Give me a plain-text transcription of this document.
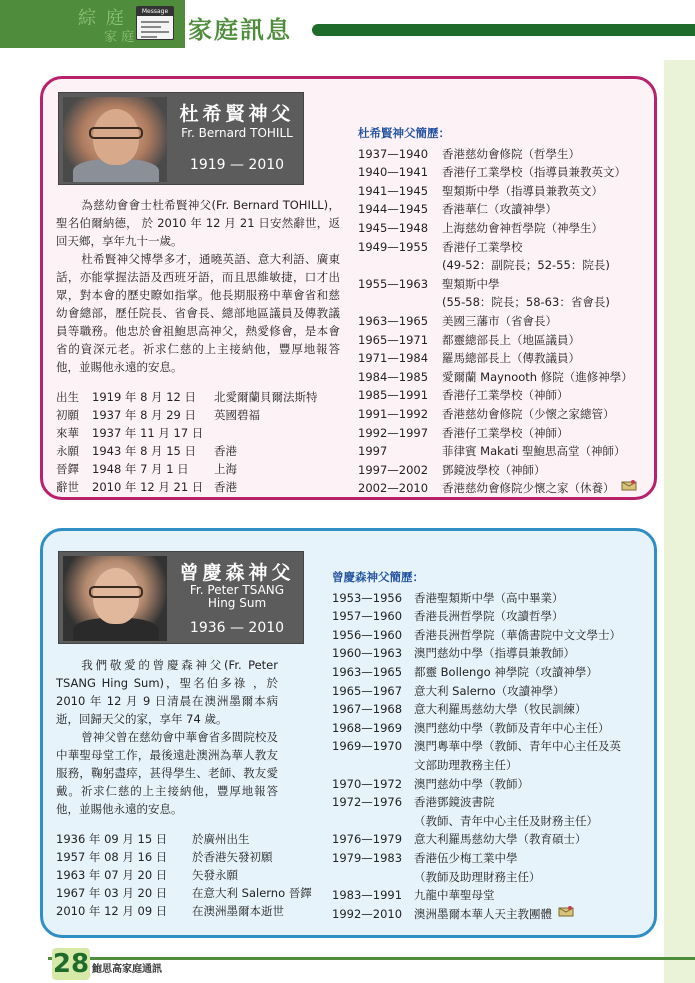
綜 庭
家 庭
Message
家庭訊息
杜希賢神父
Fr. Bernard TOHILL
1919 — 2010

為慈幼會會士杜希賢神父(Fr. Bernard TOHILL)，聖名伯爾納德， 於 2010 年 12 月 21 日安然辭世，返回天鄉，享年九十一歲。

杜希賢神父博學多才，通曉英語、意大利語、廣東話，亦能掌握法語及西班牙語，而且思維敏捷，口才出眾，對本會的歷史瞭如指掌。他長期服務中華會省和慈幼會總部，歷任院長、省會長、總部地區議員及傳教議員等職務。他忠於會祖鮑思高神父，熱愛修會，是本會省的資深元老。祈求仁慈的上主接納他，豐厚地報答他，並賜他永遠的安息。

出生	1919 年 8 月 12 日	北愛爾蘭貝爾法斯特
初願	1937 年 8 月 29 日	英國碧福
來華	1937 年 11 月 17 日
永願	1943 年 8 月 15 日	香港
晉鐸	1948 年 7 月 1 日	上海
辭世	2010 年 12 月 21 日 香港
杜希賢神父簡歷：
1937—1940	香港慈幼會修院（哲學生）
1940—1941	香港仔工業學校（指導員兼教英文）
1941—1945	聖類斯中學（指導員兼教英文）
1944—1945	香港華仁（攻讀神學）
1945—1948	上海慈幼會神哲學院（神學生）
1949—1955	香港仔工業學校
(49-52：副院長；52-55：院長)
1955—1963	聖類斯中學
(55-58：院長；58-63：省會長)
1963—1965	美國三藩市（省會長）
1965—1971	都靈總部長上（地區議員）
1971—1984	羅馬總部長上（傳教議員）
1984—1985	愛爾蘭 Maynooth 修院（進修神學）
1985—1991	香港仔工業學校（神師）
1991—1992	香港慈幼會修院（少懷之家總管）
1992—1997	香港仔工業學校（神師）
1997	菲律賓 Makati 聖鮑思高堂（神師）
1997—2002	鄧鏡波學校（神師）
2002—2010	香港慈幼會修院少懷之家（休養）
曾慶森神父
Fr. Peter TSANG
Hing Sum
1936 — 2010

我們敬愛的曾慶森神父(Fr. Peter TSANG Hing Sum)，聖名伯多祿 ，於 2010 年 12 月 9 日清晨在澳洲墨爾本病逝，回歸天父的家，享年 74 歲。

曾神父曾在慈幼會中華會省多間院校及中華聖母堂工作，最後遠赴澳洲為華人教友服務，鞠躬盡瘁，甚得學生、老師、教友愛戴。祈求仁慈的上主接納他，豐厚地報答他，並賜他永遠的安息。

1936 年 09 月 15 日	於廣州出生
1957 年 08 月 16 日	於香港矢發初願
1963 年 07 月 20 日	矢發永願
1967 年 03 月 20 日	在意大利 Salerno 晉鐸
2010 年 12 月 09 日	在澳洲墨爾本逝世
曾慶森神父簡歷：
1953—1956	香港聖類斯中學（高中畢業）
1957—1960	香港長洲哲學院（攻讀哲學）
1956—1960	香港長洲哲學院（華僑書院中文文學士）
1960—1963	澳門慈幼中學（指導員兼教師）
1963—1965	都靈 Bollengo 神學院（攻讀神學）
1965—1967	意大利 Salerno（攻讀神學）
1967—1968	意大利羅馬慈幼大學（牧民訓練）
1968—1969	澳門慈幼中學（教師及青年中心主任）
1969—1970	澳門粵華中學（教師、青年中心主任及英
文部助理教務主任）
1970—1972	澳門慈幼中學（教師）
1972—1976	香港鄧鏡波書院
（教師、青年中心主任及財務主任）
1976—1979	意大利羅馬慈幼大學（教育碩士）
1979—1983	香港伍少梅工業中學
（教師及助理財務主任）
1983—1991	九龍中華聖母堂
1992—2010	澳洲墨爾本華人天主教團體
28 鮑思高家庭通訊
